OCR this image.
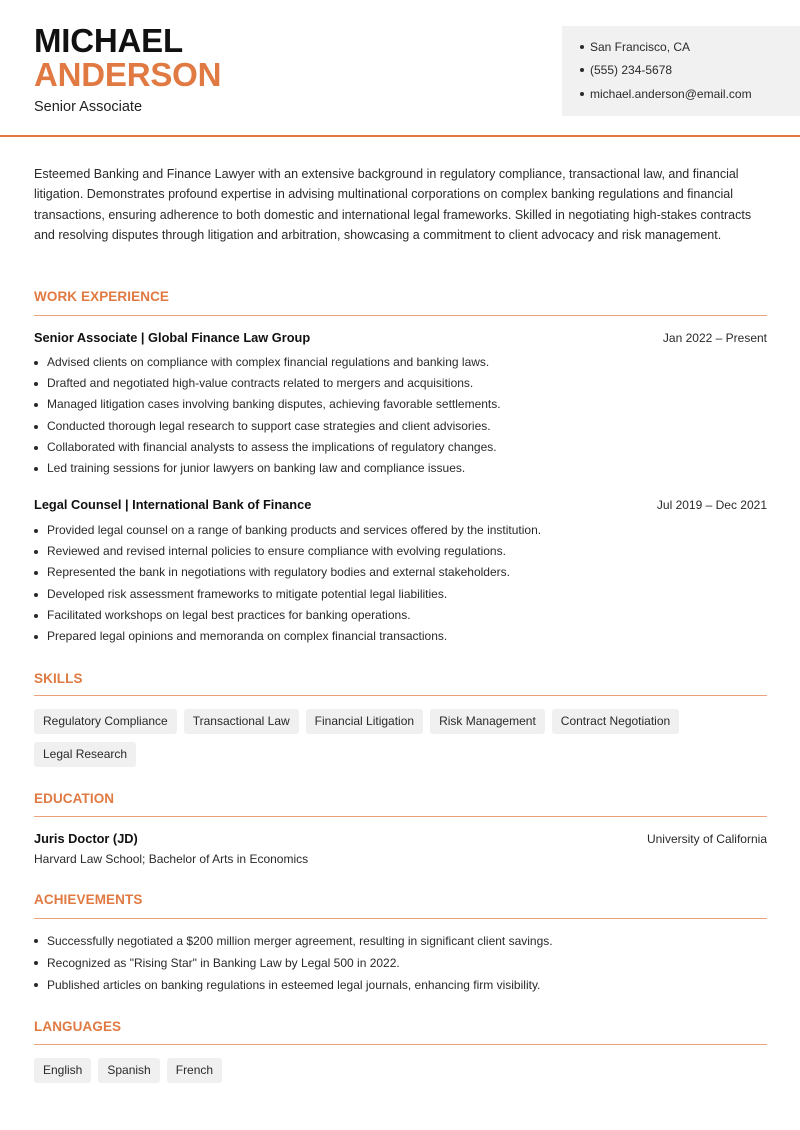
MICHAEL
ANDERSON
Senior Associate
San Francisco, CA
(555) 234-5678
michael.anderson@email.com

Esteemed Banking and Finance Lawyer with an extensive background in regulatory compliance, transactional law, and financial litigation. Demonstrates profound expertise in advising multinational corporations on complex banking regulations and financial transactions, ensuring adherence to both domestic and international legal frameworks. Skilled in negotiating high-stakes contracts and resolving disputes through litigation and arbitration, showcasing a commitment to client advocacy and risk management.

WORK EXPERIENCE
Senior Associate | Global Finance Law Group	Jan 2022 – Present
Advised clients on compliance with complex financial regulations and banking laws.
Drafted and negotiated high-value contracts related to mergers and acquisitions.
Managed litigation cases involving banking disputes, achieving favorable settlements.
Conducted thorough legal research to support case strategies and client advisories.
Collaborated with financial analysts to assess the implications of regulatory changes.
Led training sessions for junior lawyers on banking law and compliance issues.
Legal Counsel | International Bank of Finance	Jul 2019 – Dec 2021
Provided legal counsel on a range of banking products and services offered by the institution.
Reviewed and revised internal policies to ensure compliance with evolving regulations.
Represented the bank in negotiations with regulatory bodies and external stakeholders.
Developed risk assessment frameworks to mitigate potential legal liabilities.
Facilitated workshops on legal best practices for banking operations.
Prepared legal opinions and memoranda on complex financial transactions.
SKILLS
Regulatory Compliance	Transactional Law	Financial Litigation	Risk Management	Contract Negotiation
Legal Research
EDUCATION
Juris Doctor (JD)	University of California
Harvard Law School; Bachelor of Arts in Economics
ACHIEVEMENTS
Successfully negotiated a $200 million merger agreement, resulting in significant client savings.
Recognized as "Rising Star" in Banking Law by Legal 500 in 2022.
Published articles on banking regulations in esteemed legal journals, enhancing firm visibility.
LANGUAGES
English	Spanish	French
